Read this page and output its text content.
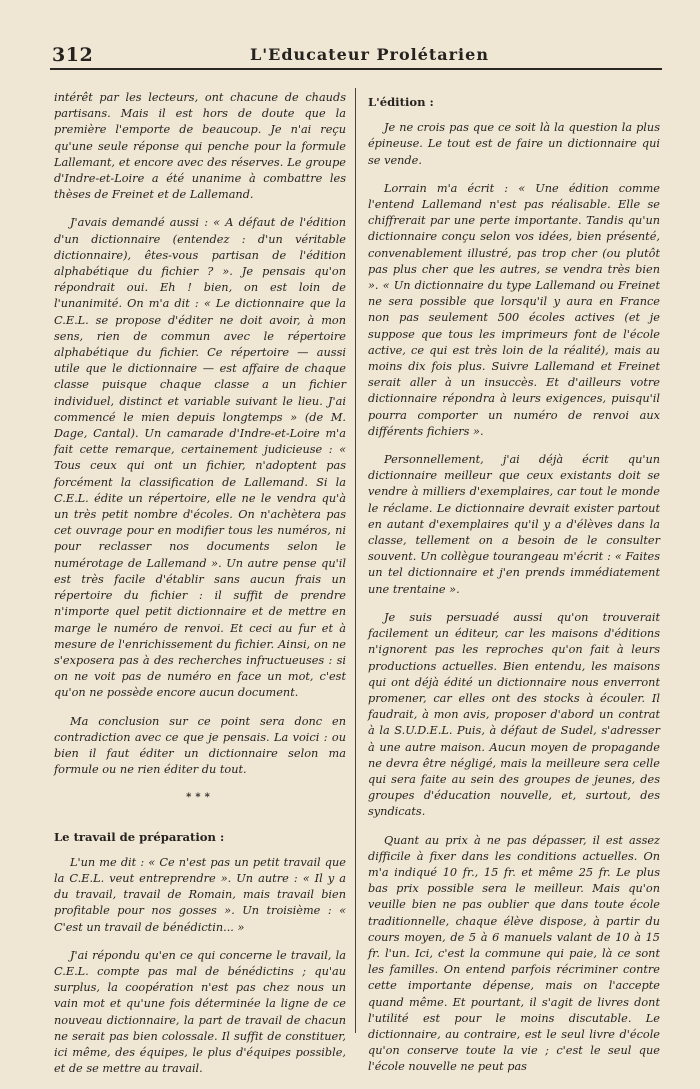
312	L'Educateur Prolétarien

intérêt par les lecteurs, ont chacune de chauds partisans. Mais il est hors de doute que la première l'emporte de beaucoup. Je n'ai reçu qu'une seule réponse qui penche pour la formule Lallemant, et encore avec des réserves. Le groupe d'Indre-et-Loire a été unanime à combattre les thèses de Freinet et de Lallemand.

J'avais demandé aussi : « A défaut de l'édition d'un dictionnaire (entendez : d'un véritable dictionnaire), êtes-vous partisan de l'édition alphabétique du fichier ? ». Je pensais qu'on répondrait oui. Eh ! bien, on est loin de l'unanimité. On m'a dit : « Le dictionnaire que la C.E.L. se propose d'éditer ne doit avoir, à mon sens, rien de commun avec le répertoire alphabétique du fichier. Ce répertoire — aussi utile que le dictionnaire — est affaire de chaque classe puisque chaque classe a un fichier individuel, distinct et variable suivant le lieu. J'ai commencé le mien depuis longtemps » (de M. Dage, Cantal). Un camarade d'Indre-et-Loire m'a fait cette remarque, certainement judicieuse : « Tous ceux qui ont un fichier, n'adoptent pas forcément la classification de Lallemand. Si la C.E.L. édite un répertoire, elle ne le vendra qu'à un très petit nombre d'écoles. On n'achètera pas cet ouvrage pour en modifier tous les numéros, ni pour reclasser nos documents selon le numérotage de Lallemand ». Un autre pense qu'il est très facile d'établir sans aucun frais un répertoire du fichier : il suffit de prendre n'importe quel petit dictionnaire et de mettre en marge le numéro de renvoi. Et ceci au fur et à mesure de l'enrichissement du fichier. Ainsi, on ne s'exposera pas à des recherches infructueuses : si on ne voit pas de numéro en face un mot, c'est qu'on ne possède encore aucun document.

Ma conclusion sur ce point sera donc en contradiction avec ce que je pensais. La voici : ou bien il faut éditer un dictionnaire selon ma formule ou ne rien éditer du tout.

***
Le travail de préparation :

L'un me dit : « Ce n'est pas un petit travail que la C.E.L. veut entreprendre ». Un autre : « Il y a du travail, travail de Romain, mais travail bien profitable pour nos gosses ». Un troisième : « C'est un travail de bénédictin... »

J'ai répondu qu'en ce qui concerne le travail, la C.E.L. compte pas mal de bénédictins ; qu'au surplus, la coopération n'est pas chez nous un vain mot et qu'une fois déterminée la ligne de ce nouveau dictionnaire, la part de travail de chacun ne serait pas bien colossale. Il suffit de constituer, ici même, des équipes, le plus d'équipes possible, et de se mettre au travail.

L'édition :

Je ne crois pas que ce soit là la question la plus épineuse. Le tout est de faire un dictionnaire qui se vende.

Lorrain m'a écrit : « Une édition comme l'entend Lallemand n'est pas réalisable. Elle se chiffrerait par une perte importante. Tandis qu'un dictionnaire conçu selon vos idées, bien présenté, convenablement illustré, pas trop cher (ou plutôt pas plus cher que les autres, se vendra très bien ». « Un dictionnaire du type Lallemand ou Freinet ne sera possible que lorsqu'il y aura en France non pas seulement 500 écoles actives (et je suppose que tous les imprimeurs font de l'école active, ce qui est très loin de la réalité), mais au moins dix fois plus. Suivre Lallemand et Freinet serait aller à un insuccès. Et d'ailleurs votre dictionnaire répondra à leurs exigences, puisqu'il pourra comporter un numéro de renvoi aux différents fichiers ».

Personnellement, j'ai déjà écrit qu'un dictionnaire meilleur que ceux existants doit se vendre à milliers d'exemplaires, car tout le monde le réclame. Le dictionnaire devrait exister partout en autant d'exemplaires qu'il y a d'élèves dans la classe, tellement on a besoin de le consulter souvent. Un collègue tourangeau m'écrit : « Faites un tel dictionnaire et j'en prends immédiatement une trentaine ».

Je suis persuadé aussi qu'on trouverait facilement un éditeur, car les maisons d'éditions n'ignorent pas les reproches qu'on fait à leurs productions actuelles. Bien entendu, les maisons qui ont déjà édité un dictionnaire nous enverront promener, car elles ont des stocks à écouler. Il faudrait, à mon avis, proposer d'abord un contrat à la S.U.D.E.L. Puis, à défaut de Sudel, s'adresser à une autre maison. Aucun moyen de propagande ne devra être négligé, mais la meilleure sera celle qui sera faite au sein des groupes de jeunes, des groupes d'éducation nouvelle, et, surtout, des syndicats.

Quant au prix à ne pas dépasser, il est assez difficile à fixer dans les conditions actuelles. On m'a indiqué 10 fr., 15 fr. et même 25 fr. Le plus bas prix possible sera le meilleur. Mais qu'on veuille bien ne pas oublier que dans toute école traditionnelle, chaque élève dispose, à partir du cours moyen, de 5 à 6 manuels valant de 10 à 15 fr. l'un. Ici, c'est la commune qui paie, là ce sont les familles. On entend parfois récriminer contre cette importante dépense, mais on l'accepte quand même. Et pourtant, il s'agit de livres dont l'utilité est pour le moins discutable. Le dictionnaire, au contraire, est le seul livre d'école qu'on conserve toute la vie ; c'est le seul que l'école nouvelle ne peut pas
